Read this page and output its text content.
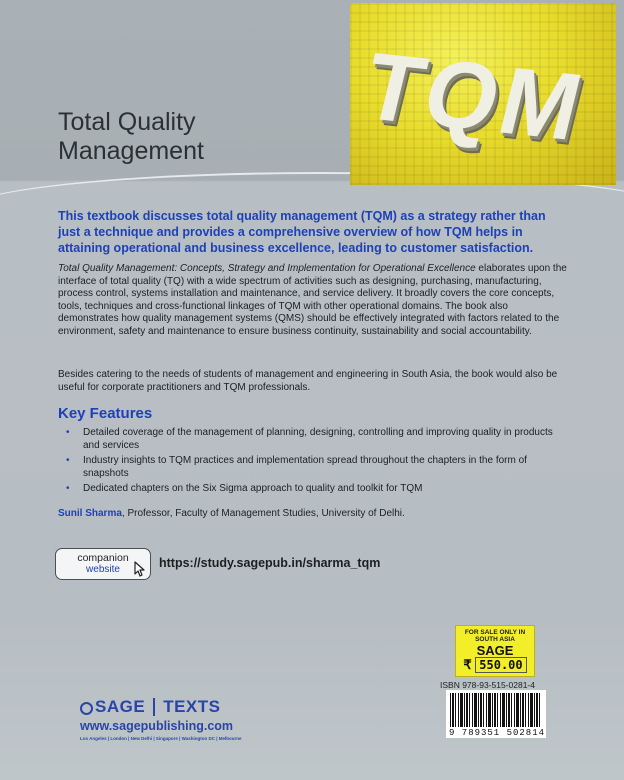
Total Quality
Management TQM
This textbook discusses total quality management (TQM) as a strategy rather than just a technique and provides a comprehensive overview of how TQM helps in attaining operational and business excellence, leading to customer satisfaction.
Total Quality Management: Concepts, Strategy and Implementation for Operational Excellence elaborates upon the interface of total quality (TQ) with a wide spectrum of activities such as designing, purchasing, manufacturing, process control, systems installation and maintenance, and service delivery. It broadly covers the core concepts, tools, techniques and cross-functional linkages of TQM with other operational domains. The book also demonstrates how quality management systems (QMS) should be effectively integrated with factors related to the environment, safety and maintenance to ensure business continuity, sustainability and social accountability.
Besides catering to the needs of students of management and engineering in South Asia, the book would also be useful for corporate practitioners and TQM professionals.
Key Features
• Detailed coverage of the management of planning, designing, controlling and improving quality in products and services
• Industry insights to TQM practices and implementation spread throughout the chapters in the form of snapshots
• Dedicated chapters on the Six Sigma approach to quality and toolkit for TQM
Sunil Sharma, Professor, Faculty of Management Studies, University of Delhi.
companion
website	https://study.sagepub.in/sharma_tqm
FOR SALE ONLY IN
SOUTH ASIA
SAGE
₹ 550.00
ISBN 978-93-515-0281-4
9 789351 502814
SAGE TEXTS
www.sagepublishing.com
Los Angeles | London | New Delhi | Singapore | Washington DC | Melbourne
